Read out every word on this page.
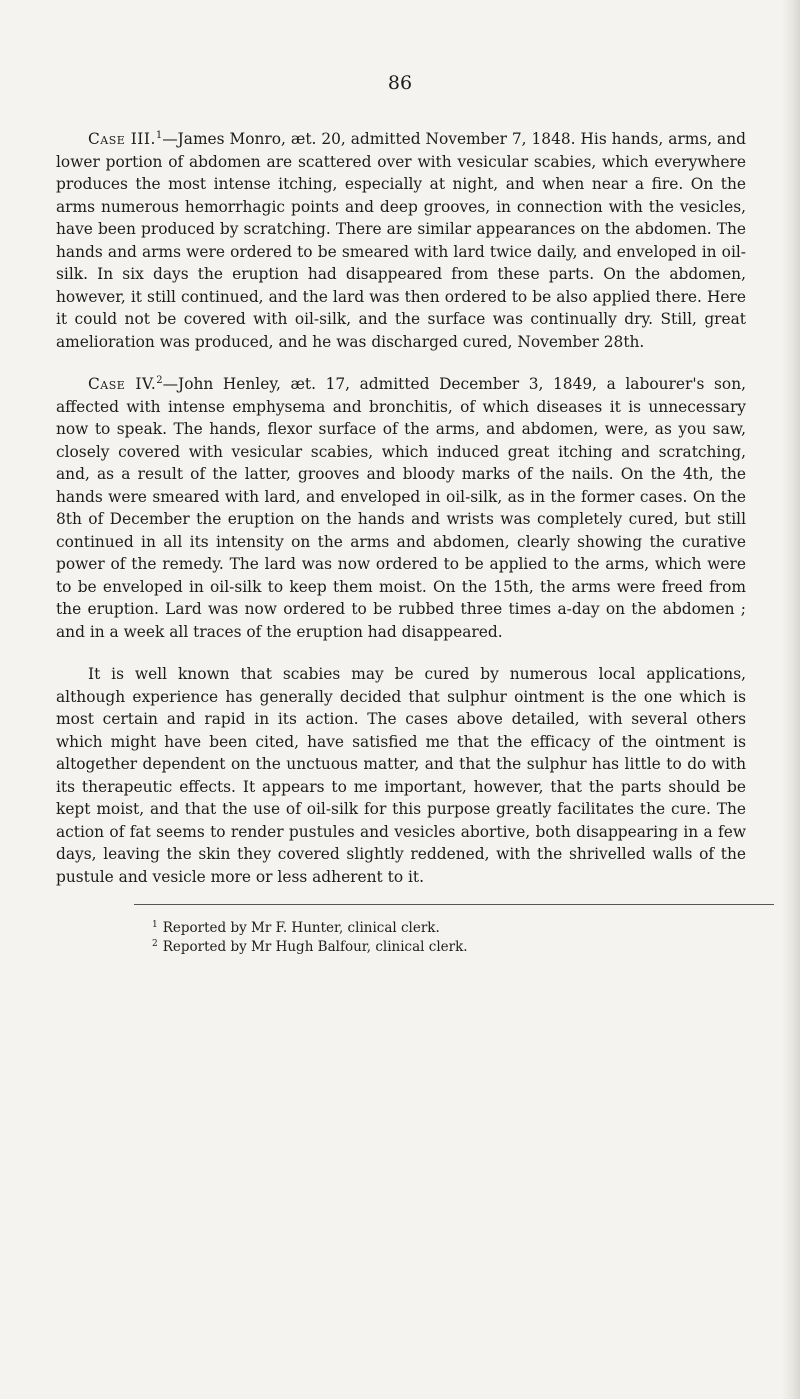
86

Case III.$^1$—James Monro, æt. 20, admitted November 7, 1848. His hands, arms, and lower portion of abdomen are scattered over with vesicular scabies, which everywhere produces the most intense itching, especially at night, and when near a fire. On the arms numerous hemorrhagic points and deep grooves, in connection with the vesicles, have been produced by scratching. There are similar appearances on the abdomen. The hands and arms were ordered to be smeared with lard twice daily, and enveloped in oil-silk. In six days the eruption had disappeared from these parts. On the abdomen, however, it still continued, and the lard was then ordered to be also applied there. Here it could not be covered with oil-silk, and the surface was continually dry. Still, great amelioration was produced, and he was discharged cured, November 28th.

Case IV.$^2$—John Henley, æt. 17, admitted December 3, 1849, a labourer's son, affected with intense emphysema and bronchitis, of which diseases it is unnecessary now to speak. The hands, flexor surface of the arms, and abdomen, were, as you saw, closely covered with vesicular scabies, which induced great itching and scratching, and, as a result of the latter, grooves and bloody marks of the nails. On the 4th, the hands were smeared with lard, and enveloped in oil-silk, as in the former cases. On the 8th of December the eruption on the hands and wrists was completely cured, but still continued in all its intensity on the arms and abdomen, clearly showing the curative power of the remedy. The lard was now ordered to be applied to the arms, which were to be enveloped in oil-silk to keep them moist. On the 15th, the arms were freed from the eruption. Lard was now ordered to be rubbed three times a-day on the abdomen ; and in a week all traces of the eruption had disappeared.

It is well known that scabies may be cured by numerous local applications, although experience has generally decided that sulphur ointment is the one which is most certain and rapid in its action. The cases above detailed, with several others which might have been cited, have satisfied me that the efficacy of the ointment is altogether dependent on the unctuous matter, and that the sulphur has little to do with its therapeutic effects. It appears to me important, however, that the parts should be kept moist, and that the use of oil-silk for this purpose greatly facilitates the cure. The action of fat seems to render pustules and vesicles abortive, both disappearing in a few days, leaving the skin they covered slightly reddened, with the shrivelled walls of the pustule and vesicle more or less adherent to it.

$^1$ Reported by Mr F. Hunter, clinical clerk.

$^2$ Reported by Mr Hugh Balfour, clinical clerk.
